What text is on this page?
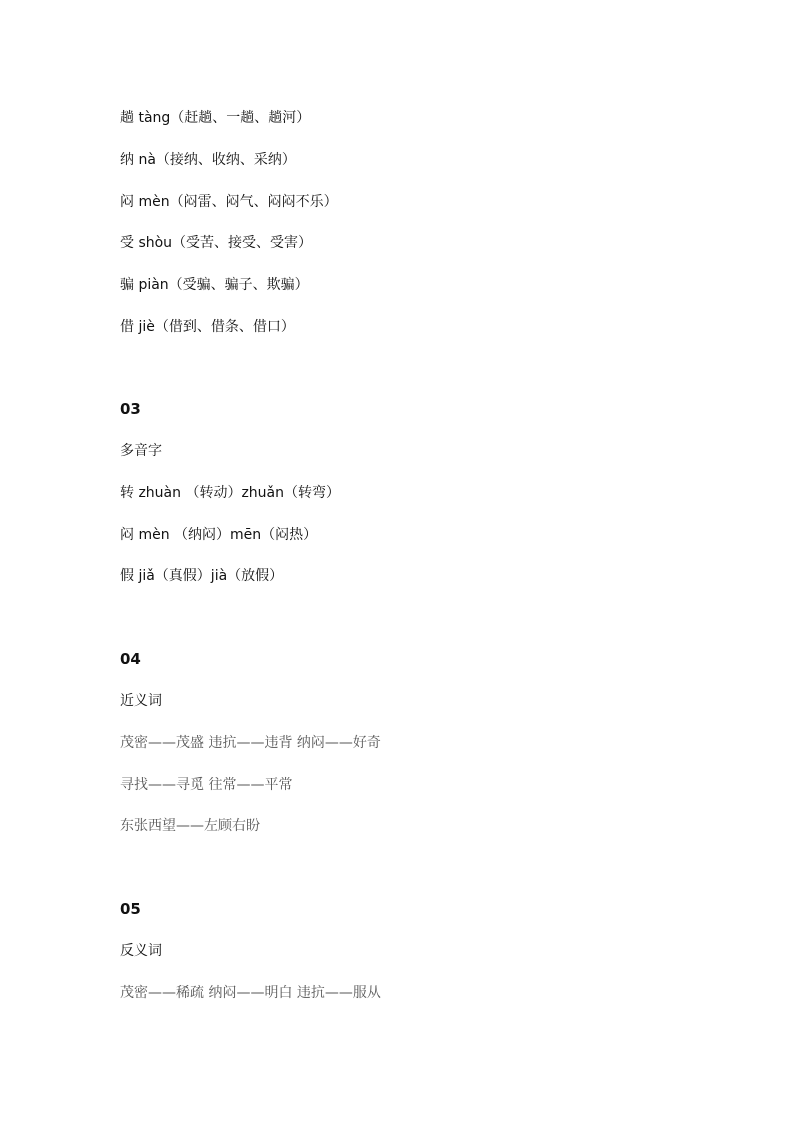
趟 tàng（赶趟、一趟、趟河）
纳 nà（接纳、收纳、采纳）
闷 mèn（闷雷、闷气、闷闷不乐）
受 shòu（受苦、接受、受害）
骗 piàn（受骗、骗子、欺骗）
借 jiè（借到、借条、借口）
03
多音字
转 zhuàn （转动）zhuǎn（转弯）
闷 mèn （纳闷）mēn（闷热）
假 jiǎ（真假）jià（放假）
04
近义词
茂密——茂盛 违抗——违背 纳闷——好奇
寻找——寻觅 往常——平常
东张西望——左顾右盼
05
反义词
茂密——稀疏 纳闷——明白 违抗——服从
